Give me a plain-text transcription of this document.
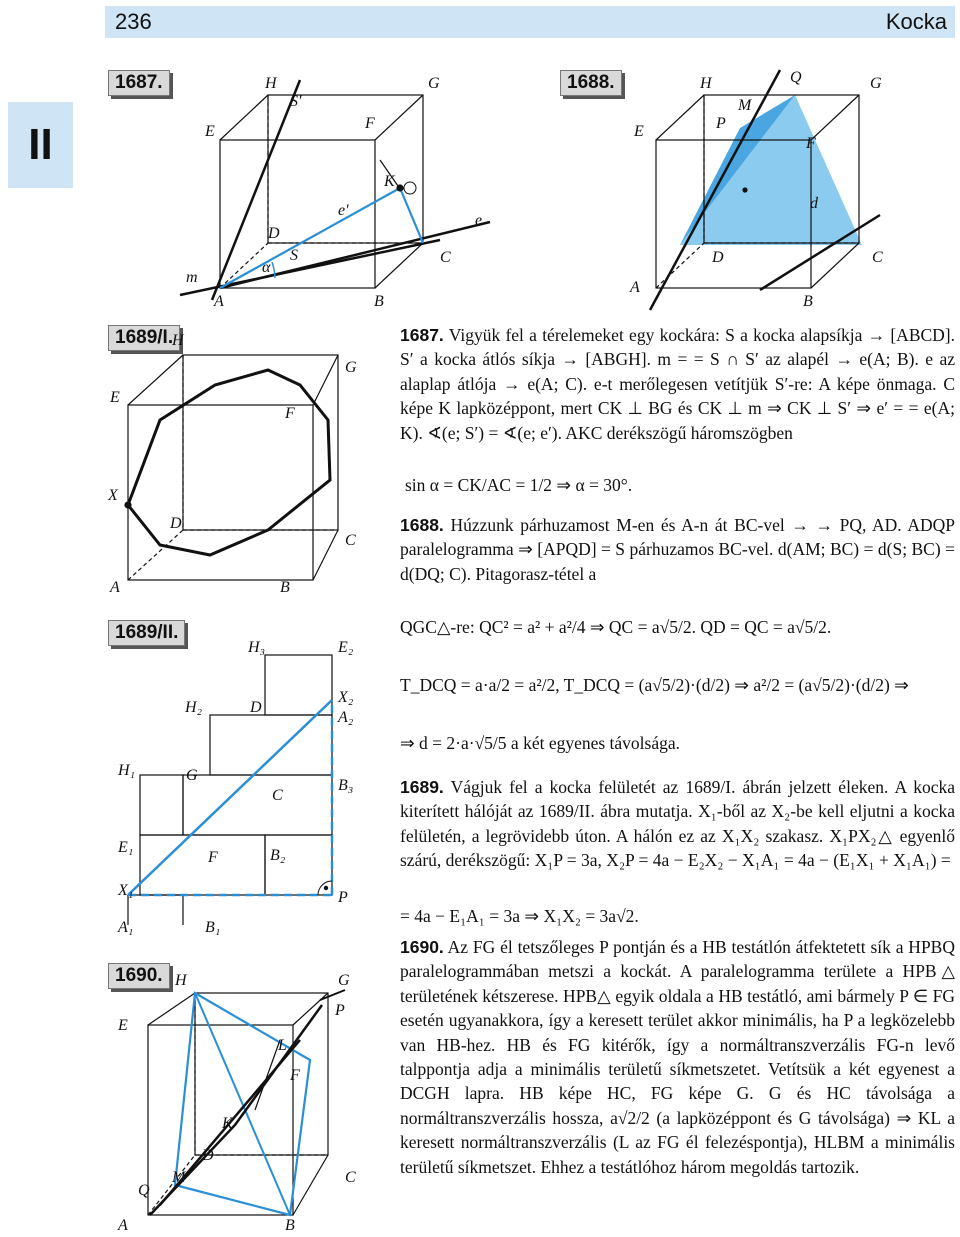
236	Kocka
II
1687.	1688.
1689/I.
1689/II.
1690.
H
S′
G
E	F
K
e′
e
D
S	C
α
m
A	B
H	Q	G
M
E	P
F
d
D	C
A
B
H
G
E
F
X
D
C
A	B
H₃	E₂
X₂
H₂	D
A₂
H₁	G
B₃
C
E₁
F	B₂
X₁	P
A₁	B₁
H	G
E
P
L
F
K
D
Q
M	C
A	B

1687. Vigyük fel a térelemeket egy kockára: S a kocka alapsíkja → [ABCD]. S′ a kocka átlós síkja → [ABGH]. m = = S ∩ S′ az alapél → e(A; B). e az alaplap átlója → e(A; C). e-t merőlegesen vetítjük S′-re: A képe önmaga. C képe K lapközéppont, mert CK ⊥ BG és CK ⊥ m ⇒ CK ⊥ S′ ⇒ e′ = = e(A; K). ∢(e; S′) = ∢(e; e′). AKC derékszögű háromszögben

sin α = CK/AC = 1/2 ⇒ α = 30°.

1688. Húzzunk párhuzamost M-en és A-n át BC-vel → → PQ, AD. ADQP paralelogramma ⇒ [APQD] = S párhuzamos BC-vel. d(AM; BC) = d(S; BC) = d(DQ; C). Pitagorasz-tétel a

QGC△-re: QC² = a² + a²/4 ⇒ QC = a√5/2. QD = QC = a√5/2.
T_DCQ = a·a/2 = a²/2, T_DCQ = (a√5/2)·(d/2) ⇒ a²/2 = (a√5/2)·(d/2) ⇒
⇒ d = 2·a·√5/5 a két egyenes távolsága.

1689. Vágjuk fel a kocka felületét az 1689/I. ábrán jelzett éleken. A kocka kiterített hálóját az 1689/II. ábra mutatja. X₁-ből az X₂-be kell eljutni a kocka felületén, a legrövidebb úton. A hálón ez az X₁X₂ szakasz. X₁PX₂△ egyenlő szárú, derékszögű: X₁P = 3a, X₂P = 4a − E₂X₂ − X₁A₁ = 4a − (E₁X₁ + X₁A₁) =

= 4a − E₁A₁ = 3a ⇒ X₁X₂ = 3a√2.

1690. Az FG él tetszőleges P pontján és a HB testátlón átfektetett sík a HPBQ paralelogrammában metszi a kockát. A paralelogramma területe a HPB△ területének kétszerese. HPB△ egyik oldala a HB testátló, ami bármely P ∈ FG esetén ugyanakkora, így a keresett terület akkor minimális, ha P a legközelebb van HB-hez. HB és FG kitérők, így a normáltranszverzális FG-n levő talppontja adja a minimális területű síkmetszetet. Vetítsük a két egyenest a DCGH lapra. HB képe HC, FG képe G. G és HC távolsága a normáltranszverzális hossza, a√2/2 (a lapközéppont és G távolsága) ⇒ KL a keresett normáltranszverzális (L az FG él felezéspontja), HLBM a minimális területű síkmetszet. Ehhez a testátlóhoz három megoldás tartozik.
